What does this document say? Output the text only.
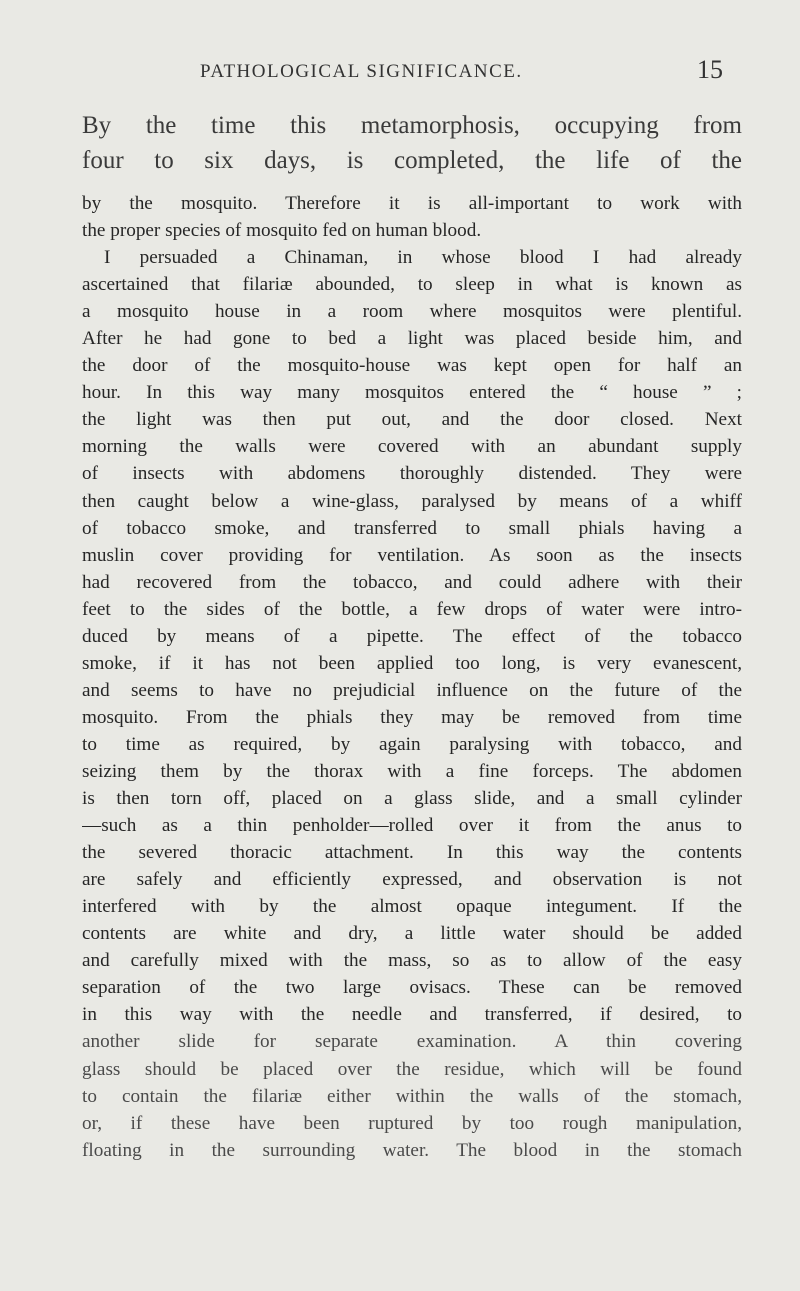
PATHOLOGICAL SIGNIFICANCE.	15
By the time this metamorphosis, occupying from
four to six days, is completed, the life of the
by the mosquito. Therefore it is all-important to work with
the proper species of mosquito fed on human blood.
I persuaded a Chinaman, in whose blood I had already
ascertained that filariæ abounded, to sleep in what is known as
a mosquito house in a room where mosquitos were plentiful.
After he had gone to bed a light was placed beside him, and
the door of the mosquito-house was kept open for half an
hour. In this way many mosquitos entered the “ house ” ;
the light was then put out, and the door closed. Next
morning the walls were covered with an abundant supply
of insects with abdomens thoroughly distended. They were
then caught below a wine-glass, paralysed by means of a whiff
of tobacco smoke, and transferred to small phials having a
muslin cover providing for ventilation. As soon as the insects
had recovered from the tobacco, and could adhere with their
feet to the sides of the bottle, a few drops of water were intro-
duced by means of a pipette. The effect of the tobacco
smoke, if it has not been applied too long, is very evanescent,
and seems to have no prejudicial influence on the future of the
mosquito. From the phials they may be removed from time
to time as required, by again paralysing with tobacco, and
seizing them by the thorax with a fine forceps. The abdomen
is then torn off, placed on a glass slide, and a small cylinder
—such as a thin penholder—rolled over it from the anus to
the severed thoracic attachment. In this way the contents
are safely and efficiently expressed, and observation is not
interfered with by the almost opaque integument. If the
contents are white and dry, a little water should be added
and carefully mixed with the mass, so as to allow of the easy
separation of the two large ovisacs. These can be removed
in this way with the needle and transferred, if desired, to
another slide for separate examination. A thin covering
glass should be placed over the residue, which will be found
to contain the filariæ either within the walls of the stomach,
or, if these have been ruptured by too rough manipulation,
floating in the surrounding water. The blood in the stomach
